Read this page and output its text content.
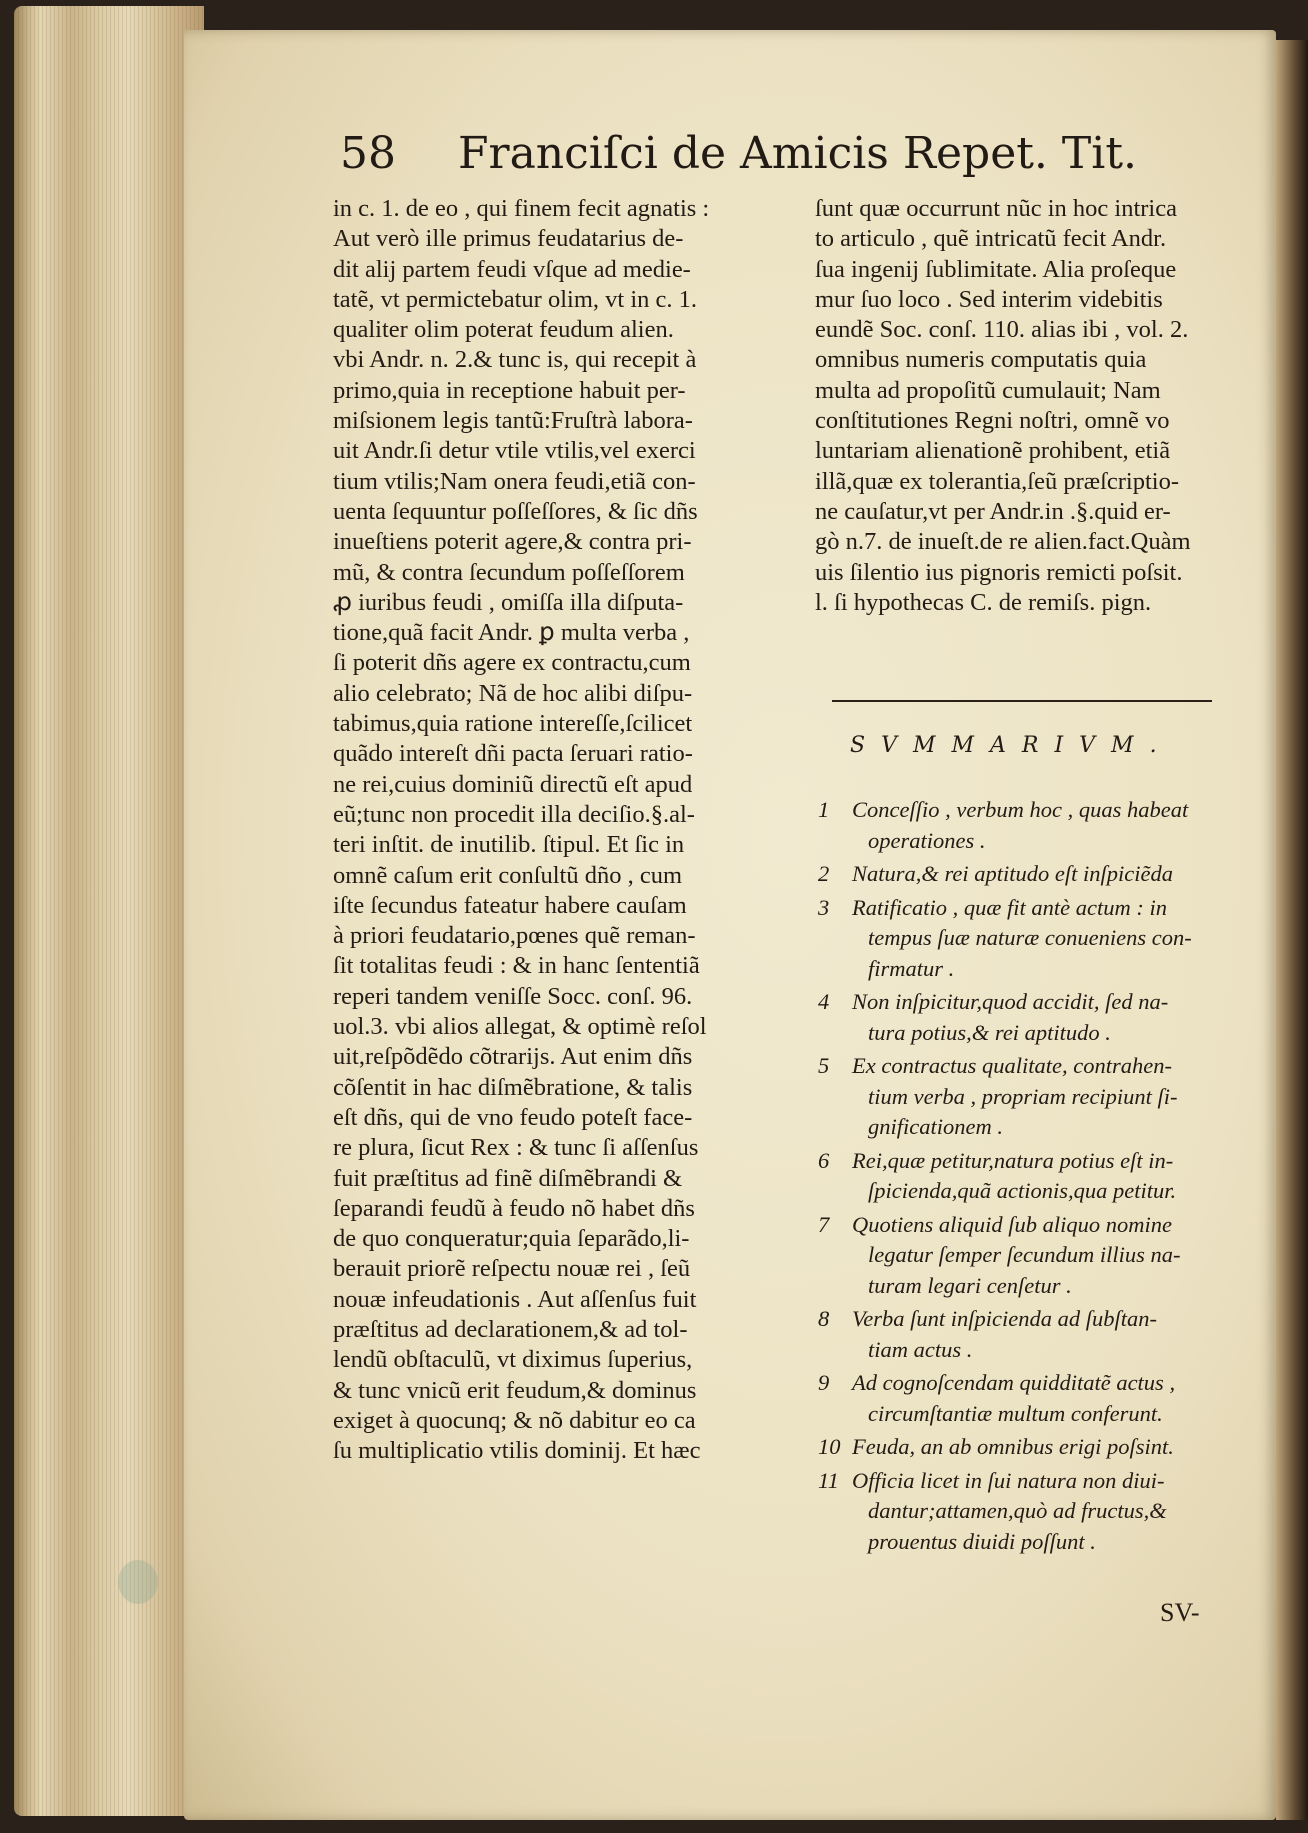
58 Franciſci de Amicis Repet. Tit.
in c. 1. de eo , qui finem fecit agnatis :
Aut verò ille primus feudatarius de-
dit alij partem feudi vſque ad medie-
tatẽ, vt permictebatur olim, vt in c. 1.
qualiter olim poterat feudum alien.
vbi Andr. n. 2.& tunc is, qui recepit à
primo,quia in receptione habuit per-
miſsionem legis tantũ:Fruſtrà labora-
uit Andr.ſi detur vtile vtilis,vel exerci
tium vtilis;Nam onera feudi,etiã con-
uenta ſequuntur poſſeſſores, & ſic dñs
inueſtiens poterit agere,& contra pri-
mũ, & contra ſecundum poſſeſſorem
ꝓ iuribus feudi , omiſſa illa diſputa-
tione,quã facit Andr. ꝑ multa verba ,
ſi poterit dñs agere ex contractu,cum
alio celebrato; Nã de hoc alibi diſpu-
tabimus,quia ratione intereſſe,ſcilicet
quãdo intereſt dñi pacta ſeruari ratio-
ne rei,cuius dominiũ directũ eſt apud
eũ;tunc non procedit illa deciſio.§.al-
teri inſtit. de inutilib. ſtipul. Et ſic in
omnẽ caſum erit conſultũ dño , cum
iſte ſecundus fateatur habere cauſam
à priori feudatario,pœnes quẽ reman-
ſit totalitas feudi : & in hanc ſententiã
reperi tandem veniſſe Socc. conſ. 96.
uol.3. vbi alios allegat, & optimè reſol
uit,reſpõdẽdo cõtrarijs. Aut enim dñs
cõſentit in hac diſmẽbratione, & talis
eſt dñs, qui de vno feudo poteſt face-
re plura, ſicut Rex : & tunc ſi aſſenſus
fuit præſtitus ad finẽ diſmẽbrandi &
ſeparandi feudũ à feudo nõ habet dñs
de quo conqueratur;quia ſeparãdo,li-
berauit priorẽ reſpectu nouæ rei , ſeũ
nouæ infeudationis . Aut aſſenſus fuit
præſtitus ad declarationem,& ad tol-
lendũ obſtaculũ, vt diximus ſuperius,
& tunc vnicũ erit feudum,& dominus
exiget à quocunq; & nõ dabitur eo ca
ſu multiplicatio vtilis dominij. Et hæc
ſunt quæ occurrunt nũc in hoc intrica
to articulo , quẽ intricatũ fecit Andr.
ſua ingenij ſublimitate. Alia proſeque
mur ſuo loco . Sed interim videbitis
eundẽ Soc. conſ. 110. alias ibi , vol. 2.
omnibus numeris computatis quia
multa ad propoſitũ cumulauit; Nam
conſtitutiones Regni noſtri, omnẽ vo
luntariam alienationẽ prohibent, etiã
illã,quæ ex tolerantia,ſeũ præſcriptio-
ne cauſatur,vt per Andr.in .§.quid er-
gò n.7. de inueſt.de re alien.fact.Quàm
uis ſilentio ius pignoris remicti poſsit.
l. ſi hypothecas C. de remiſs. pign.
SVMMARIVM.
1	Conceſſio , verbum hoc , quas habeat
operationes .
2	Natura,& rei aptitudo eſt inſpiciẽda
3	Ratificatio , quæ fit antè actum : in
tempus ſuæ naturæ conueniens con-
firmatur .
4	Non inſpicitur,quod accidit, ſed na-
tura potius,& rei aptitudo .
5	Ex contractus qualitate, contrahen-
tium verba , propriam recipiunt ſi-
gnificationem .
6	Rei,quæ petitur,natura potius eſt in-
ſpicienda,quã actionis,qua petitur.
7	Quotiens aliquid ſub aliquo nomine
legatur ſemper ſecundum illius na-
turam legari cenſetur .
8	Verba ſunt inſpicienda ad ſubſtan-
tiam actus .
9	Ad cognoſcendam quidditatẽ actus ,
circumſtantiæ multum conferunt.
10 Feuda, an ab omnibus erigi poſsint.
11 Officia licet in ſui natura non diui-
dantur;attamen,quò ad fructus,&
prouentus diuidi poſſunt .
SV-
